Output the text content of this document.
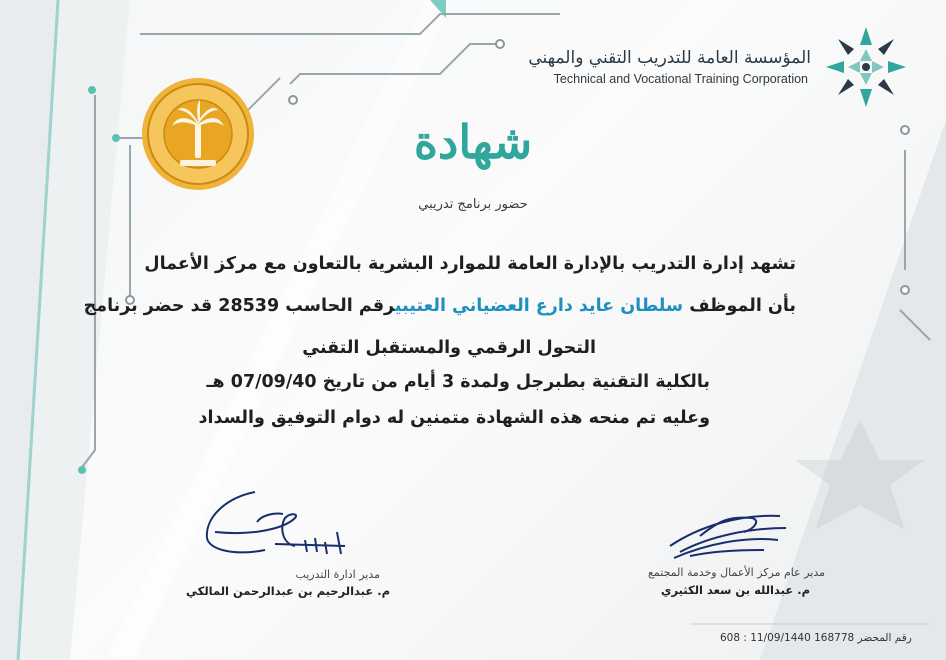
المؤسسة العامة للتدريب التقني والمهني
Technical and Vocational Training Corporation
شهادة
حضور برنامج تدريبي
تشهد إدارة التدريب بالإدارة العامة للموارد البشرية بالتعاون مع مركز الأعمال
بأن الموظف سلطان عايد دارع العضياني العتيبيرقم الحاسب 28539 قد حضر برنامج
التحول الرقمي والمستقبل التقني
بالكلية التقنية بطبرجل ولمدة 3 أيام من تاريخ 07/09/40 هـ
وعليه تم منحه هذه الشهادة متمنين له دوام التوفيق والسداد
مدير ادارة التدريب
م. عبدالرحيم بن عبدالرحمن المالكي
مدير عام مركز الأعمال وخدمة المجتمع
م. عبدالله بن سعد الكثيري
608 : 11/09/1440 168778 رقم المحضر
